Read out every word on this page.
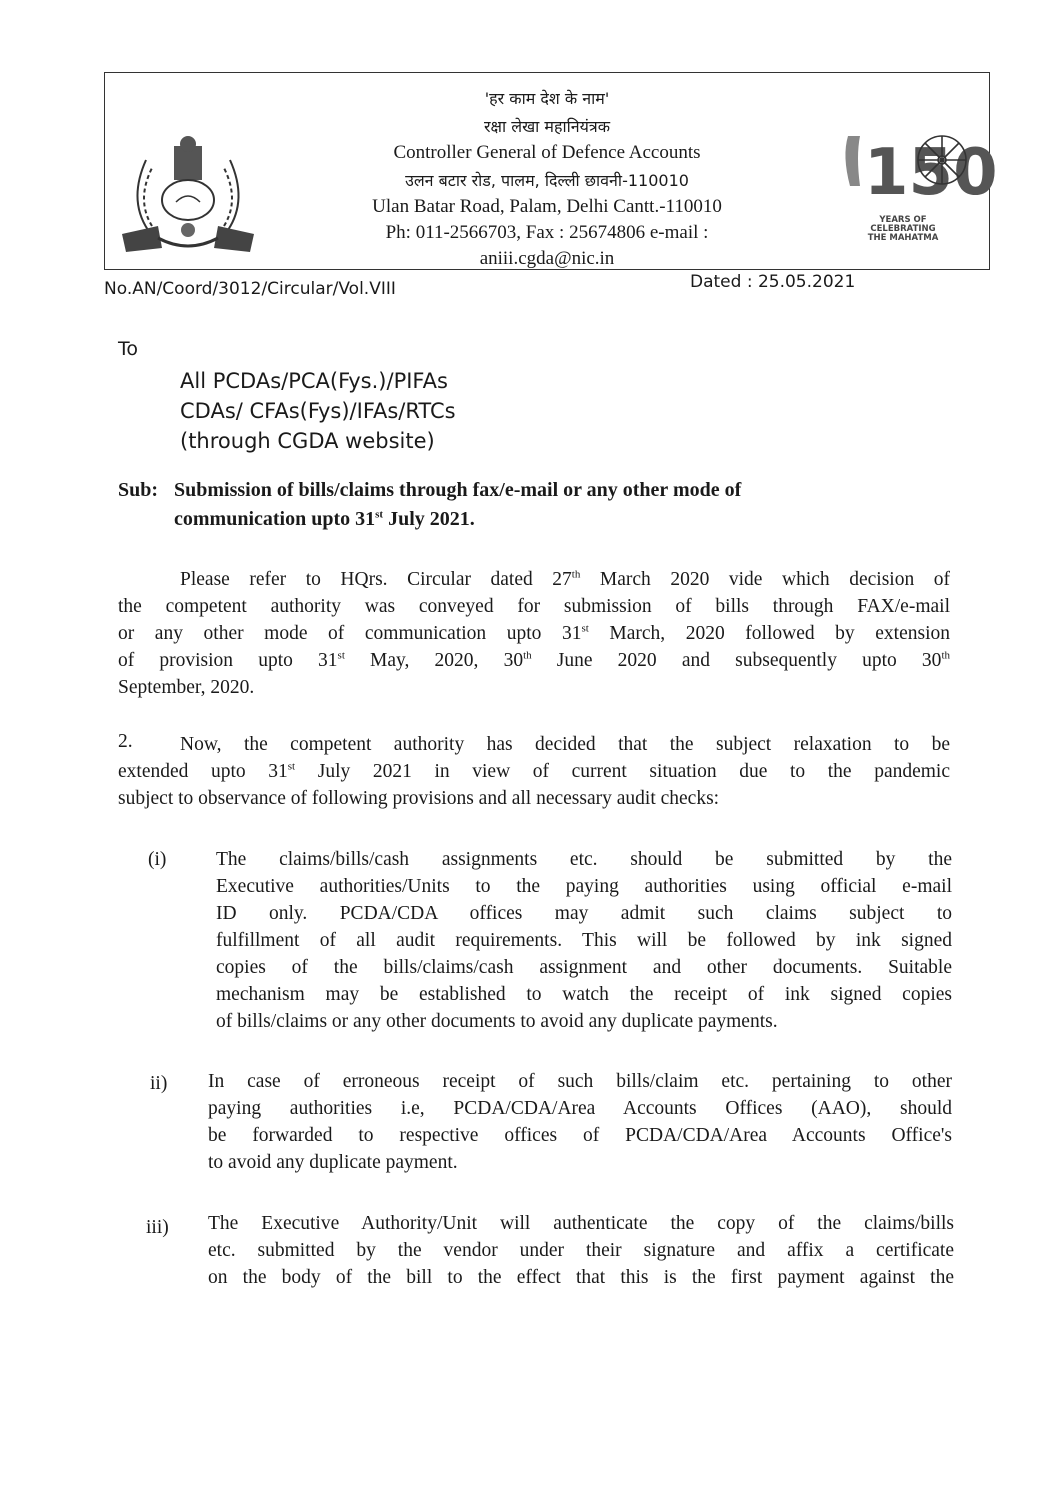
'हर काम देश के नाम'
रक्षा लेखा महानियंत्रक
Controller General of Defence Accounts
उलन बटार रोड, पालम, दिल्ली छावनी-110010
Ulan Batar Road, Palam, Delhi Cantt.-110010
Ph: 011-2566703, Fax : 25674806 e-mail :
aniii.cgda@nic.in
150
YEARS OF
CELEBRATING
THE MAHATMA
No.AN/Coord/3012/Circular/Vol.VIII	Dated : 25.05.2021
To
All PCDAs/PCA(Fys.)/PIFAs
CDAs/ CFAs(Fys)/IFAs/RTCs
(through CGDA website)
Sub: Submission of bills/claims through fax/e-mail or any other mode of
communication upto 31st July 2021.
Please refer to HQrs. Circular dated 27th March 2020 vide which decision of
the competent authority was conveyed for submission of bills through FAX/e-mail
or any other mode of communication upto 31st March, 2020 followed by extension
of provision upto 31st May, 2020, 30th June 2020 and subsequently upto 30th
September, 2020.
2.	Now, the competent authority has decided that the subject relaxation to be
extended upto 31st July 2021 in view of current situation due to the pandemic
subject to observance of following provisions and all necessary audit checks:
(i)	The claims/bills/cash assignments etc. should be submitted by the
Executive authorities/Units to the paying authorities using official e-mail
ID only. PCDA/CDA offices may admit such claims subject to
fulfillment of all audit requirements. This will be followed by ink signed
copies of the bills/claims/cash assignment and other documents. Suitable
mechanism may be established to watch the receipt of ink signed copies
of bills/claims or any other documents to avoid any duplicate payments.
ii) In case of erroneous receipt of such bills/claim etc. pertaining to other
paying authorities i.e, PCDA/CDA/Area Accounts Offices (AAO), should
be forwarded to respective offices of PCDA/CDA/Area Accounts Office's
to avoid any duplicate payment.
iii) The Executive Authority/Unit will authenticate the copy of the claims/bills
etc. submitted by the vendor under their signature and affix a certificate
on the body of the bill to the effect that this is the first payment against the
